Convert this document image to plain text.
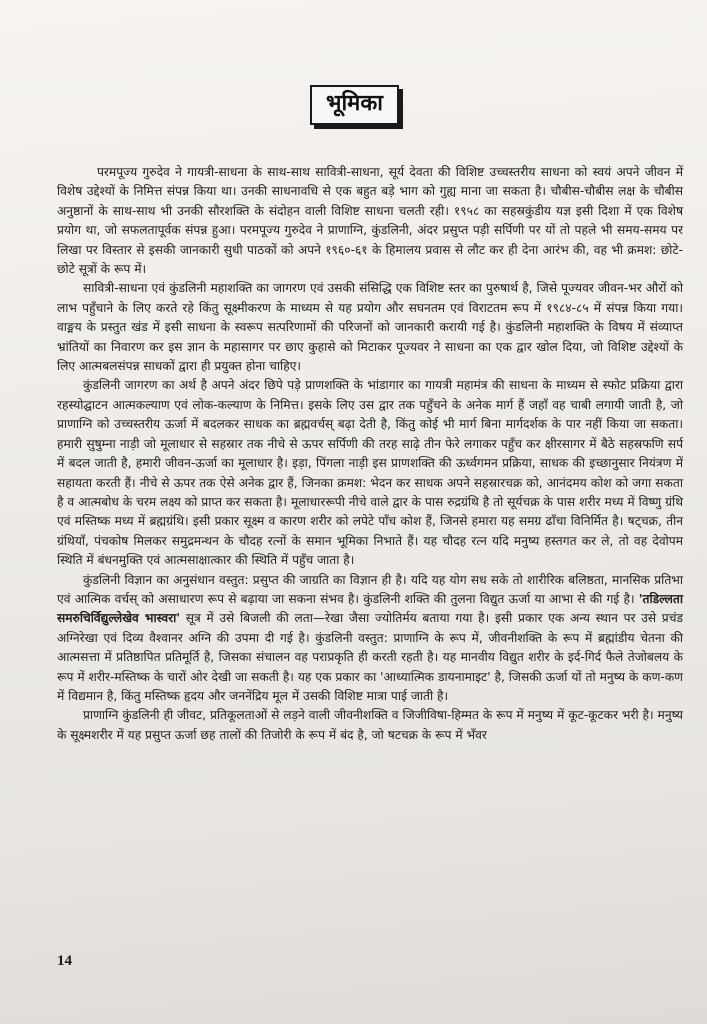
भूमिका

परमपूज्य गुरुदेव ने गायत्री-साधना के साथ-साथ सावित्री-साधना, सूर्य देवता की विशिष्ट उच्चस्तरीय साधना को स्वयं अपने जीवन में विशेष उद्देश्यों के निमित्त संपन्न किया था। उनकी साधनावधि से एक बहुत बड़े भाग को गुह्य माना जा सकता है। चौबीस-चौबीस लक्ष के चौबीस अनुष्ठानों के साथ-साथ भी उनकी सौरशक्ति के संदोहन वाली विशिष्ट साधना चलती रही। १९५८ का सहस्रकुंडीय यज्ञ इसी दिशा में एक विशेष प्रयोग था, जो सफलतापूर्वक संपन्न हुआ। परमपूज्य गुरुदेव ने प्राणाग्नि, कुंडलिनी, अंदर प्रसुप्त पड़ी सर्पिणी पर यों तो पहले भी समय-समय पर लिखा पर विस्तार से इसकी जानकारी सुधी पाठकों को अपने १९६०-६१ के हिमालय प्रवास से लौट कर ही देना आरंभ की, वह भी क्रमश: छोटे-छोटे सूत्रों के रूप में।

सावित्री-साधना एवं कुंडलिनी महाशक्ति का जागरण एवं उसकी संसिद्धि एक विशिष्ट स्तर का पुरुषार्थ है, जिसे पूज्यवर जीवन-भर औरों को लाभ पहुँचाने के लिए करते रहे किंतु सूक्ष्मीकरण के माध्यम से यह प्रयोग और सघनतम एवं विराटतम रूप में १९८४-८५ में संपन्न किया गया। वाङ्मय के प्रस्तुत खंड में इसी साधना के स्वरूप सत्परिणामों की परिजनों को जानकारी करायी गई है। कुंडलिनी महाशक्ति के विषय में संव्याप्त भ्रांतियों का निवारण कर इस ज्ञान के महासागर पर छाए कुहासे को मिटाकर पूज्यवर ने साधना का एक द्वार खोल दिया, जो विशिष्ट उद्देश्यों के लिए आत्मबलसंपन्न साधकों द्वारा ही प्रयुक्त होना चाहिए।

कुंडलिनी जागरण का अर्थ है अपने अंदर छिपे पड़े प्राणशक्ति के भांडागार का गायत्री महामंत्र की साधना के माध्यम से स्फोट प्रक्रिया द्वारा रहस्योद्घाटन आत्मकल्याण एवं लोक-कल्याण के निमित्त। इसके लिए उस द्वार तक पहुँचने के अनेक मार्ग हैं जहाँ वह चाबी लगायी जाती है, जो प्राणाग्नि को उच्चस्तरीय ऊर्जा में बदलकर साधक का ब्रह्मवर्चस् बढ़ा देती है, किंतु कोई भी मार्ग बिना मार्गदर्शक के पार नहीं किया जा सकता। हमारी सुषुम्ना नाड़ी जो मूलाधार से सहस्रार तक नीचे से ऊपर सर्पिणी की तरह साढ़े तीन फेरे लगाकर पहुँच कर क्षीरसागर में बैठे सहस्रफणि सर्प में बदल जाती है, हमारी जीवन-ऊर्जा का मूलाधार है। इड़ा, पिंगला नाड़ी इस प्राणशक्ति की ऊर्ध्वगमन प्रक्रिया, साधक की इच्छानुसार नियंत्रण में सहायता करती हैं। नीचे से ऊपर तक ऐसे अनेक द्वार हैं, जिनका क्रमश: भेदन कर साधक अपने सहस्रारचक्र को, आनंदमय कोश को जगा सकता है व आत्मबोध के चरम लक्ष्य को प्राप्त कर सकता है। मूलाधाररूपी नीचे वाले द्वार के पास रुद्रग्रंथि है तो सूर्यचक्र के पास शरीर मध्य में विष्णु ग्रंथि एवं मस्तिष्क मध्य में ब्रह्मग्रंथि। इसी प्रकार सूक्ष्म व कारण शरीर को लपेटे पाँच कोश हैं, जिनसे हमारा यह समग्र ढाँचा विनिर्मित है। षट्चक्र, तीन ग्रंथियाँ, पंचकोष मिलकर समुद्रमन्थन के चौदह रत्नों के समान भूमिका निभाते हैं। यह चौदह रत्न यदि मनुष्य हस्तगत कर ले, तो वह देवोपम स्थिति में बंधनमुक्ति एवं आत्मसाक्षात्कार की स्थिति में पहुँच जाता है।

कुंडलिनी विज्ञान का अनुसंधान वस्तुत: प्रसुप्त की जाग्रति का विज्ञान ही है। यदि यह योग सध सके तो शारीरिक बलिष्ठता, मानसिक प्रतिभा एवं आत्मिक वर्चस् को असाधारण रूप से बढ़ाया जा सकना संभव है। कुंडलिनी शक्ति की तुलना विद्युत ऊर्जा या आभा से की गई है। 'तडिल्लता समरुचिर्विद्युल्लेखेव भास्वरा' सूत्र में उसे बिजली की लता—रेखा जैसा ज्योतिर्मय बताया गया है। इसी प्रकार एक अन्य स्थान पर उसे प्रचंड अग्निरेखा एवं दिव्य वैश्वानर अग्नि की उपमा दी गई है। कुंडलिनी वस्तुत: प्राणाग्नि के रूप में, जीवनीशक्ति के रूप में ब्रह्मांडीय चेतना की आत्मसत्ता में प्रतिष्ठापित प्रतिमूर्ति है, जिसका संचालन वह पराप्रकृति ही करती रहती है। यह मानवीय विद्युत शरीर के इर्द-गिर्द फैले तेजोबलय के रूप में शरीर-मस्तिष्क के चारों ओर देखी जा सकती है। यह एक प्रकार का 'आध्यात्मिक डायनामाइट' है, जिसकी ऊर्जा यों तो मनुष्य के कण-कण में विद्यमान है, किंतु मस्तिष्क हृदय और जननेंद्रिय मूल में उसकी विशिष्ट मात्रा पाई जाती है।

प्राणाग्नि कुंडलिनी ही जीवट, प्रतिकूलताओं से लड़ने वाली जीवनीशक्ति व जिजीविषा-हिम्मत के रूप में मनुष्य में कूट-कूटकर भरी है। मनुष्य के सूक्ष्मशरीर में यह प्रसुप्त ऊर्जा छह तालों की तिजोरी के रूप में बंद है, जो षटचक्र के रूप में भँवर

14
